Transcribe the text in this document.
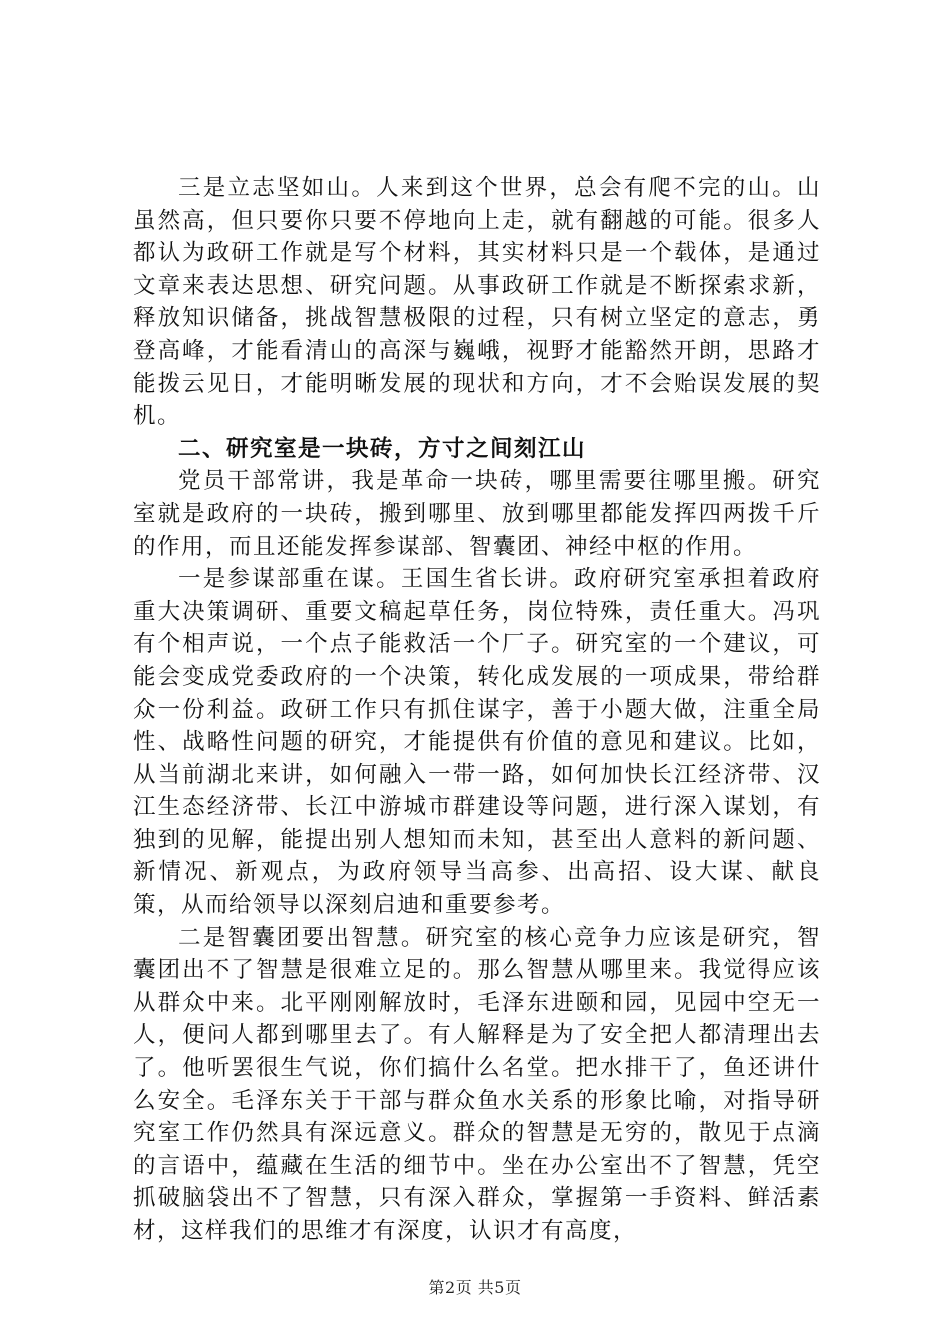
三是立志坚如山。人来到这个世界，总会有爬不完的山。山虽然高，但只要你只要不停地向上走，就有翻越的可能。很多人都认为政研工作就是写个材料，其实材料只是一个载体，是通过文章来表达思想、研究问题。从事政研工作就是不断探索求新，释放知识储备，挑战智慧极限的过程，只有树立坚定的意志，勇登高峰，才能看清山的高深与巍峨，视野才能豁然开朗，思路才能拨云见日，才能明晰发展的现状和方向，才不会贻误发展的契机。

二、研究室是一块砖，方寸之间刻江山

党员干部常讲，我是革命一块砖，哪里需要往哪里搬。研究室就是政府的一块砖，搬到哪里、放到哪里都能发挥四两拨千斤的作用，而且还能发挥参谋部、智囊团、神经中枢的作用。

一是参谋部重在谋。王国生省长讲。政府研究室承担着政府重大决策调研、重要文稿起草任务，岗位特殊，责任重大。冯巩有个相声说，一个点子能救活一个厂子。研究室的一个建议，可能会变成党委政府的一个决策，转化成发展的一项成果，带给群众一份利益。政研工作只有抓住谋字，善于小题大做，注重全局性、战略性问题的研究，才能提供有价值的意见和建议。比如，从当前湖北来讲，如何融入一带一路，如何加快长江经济带、汉江生态经济带、长江中游城市群建设等问题，进行深入谋划，有独到的见解，能提出别人想知而未知，甚至出人意料的新问题、新情况、新观点，为政府领导当高参、出高招、设大谋、献良策，从而给领导以深刻启迪和重要参考。

二是智囊团要出智慧。研究室的核心竞争力应该是研究，智囊团出不了智慧是很难立足的。那么智慧从哪里来。我觉得应该从群众中来。北平刚刚解放时，毛泽东进颐和园，见园中空无一人，便问人都到哪里去了。有人解释是为了安全把人都清理出去了。他听罢很生气说，你们搞什么名堂。把水排干了，鱼还讲什么安全。毛泽东关于干部与群众鱼水关系的形象比喻，对指导研究室工作仍然具有深远意义。群众的智慧是无穷的，散见于点滴的言语中，蕴藏在生活的细节中。坐在办公室出不了智慧，凭空抓破脑袋出不了智慧，只有深入群众，掌握第一手资料、鲜活素材，这样我们的思维才有深度，认识才有高度，

第2页 共5页
